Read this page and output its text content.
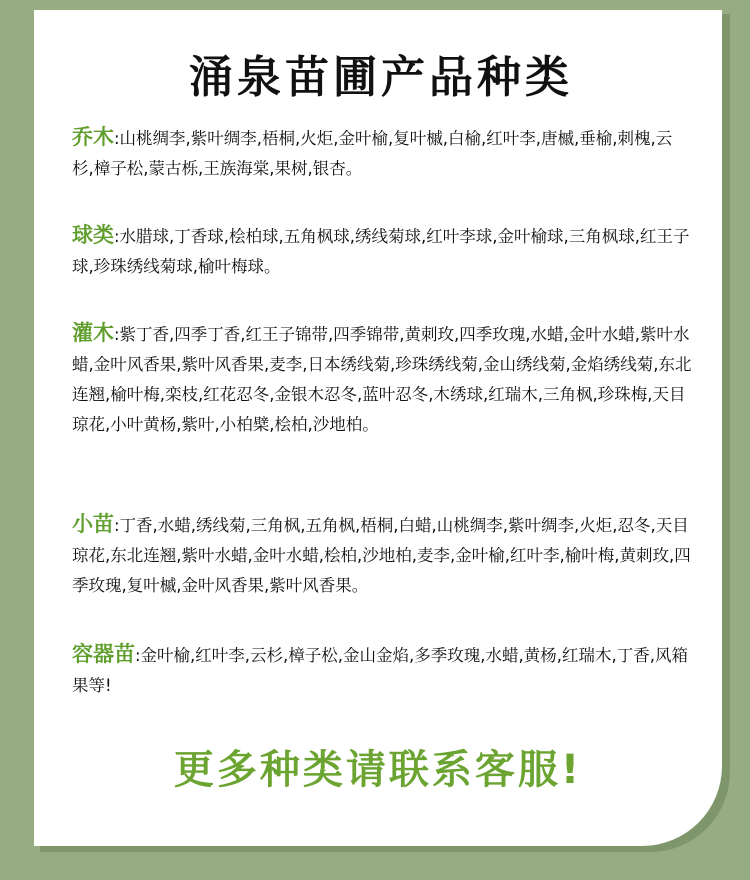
涌泉苗圃产品种类

乔木:山桃绸李,紫叶绸李,梧桐,火炬,金叶榆,复叶槭,白榆,红叶李,唐槭,垂榆,刺槐,云杉,樟子松,蒙古栎,王族海棠,果树,银杏。

球类:水腊球,丁香球,桧柏球,五角枫球,绣线菊球,红叶李球,金叶榆球,三角枫球,红王子球,珍珠绣线菊球,榆叶梅球。

灌木:紫丁香,四季丁香,红王子锦带,四季锦带,黄刺玫,四季玫瑰,水蜡,金叶水蜡,紫叶水蜡,金叶风香果,紫叶风香果,麦李,日本绣线菊,珍珠绣线菊,金山绣线菊,金焰绣线菊,东北连翘,榆叶梅,栾枝,红花忍冬,金银木忍冬,蓝叶忍冬,木绣球,红瑞木,三角枫,珍珠梅,天目琼花,小叶黄杨,紫叶,小柏檗,桧柏,沙地柏。

小苗:丁香,水蜡,绣线菊,三角枫,五角枫,梧桐,白蜡,山桃绸李,紫叶绸李,火炬,忍冬,天目琼花,东北连翘,紫叶水蜡,金叶水蜡,桧柏,沙地柏,麦李,金叶榆,红叶李,榆叶梅,黄刺玫,四季玫瑰,复叶槭,金叶风香果,紫叶风香果。

容器苗:金叶榆,红叶李,云杉,樟子松,金山金焰,多季玫瑰,水蜡,黄杨,红瑞木,丁香,风箱果等!

更多种类请联系客服!
